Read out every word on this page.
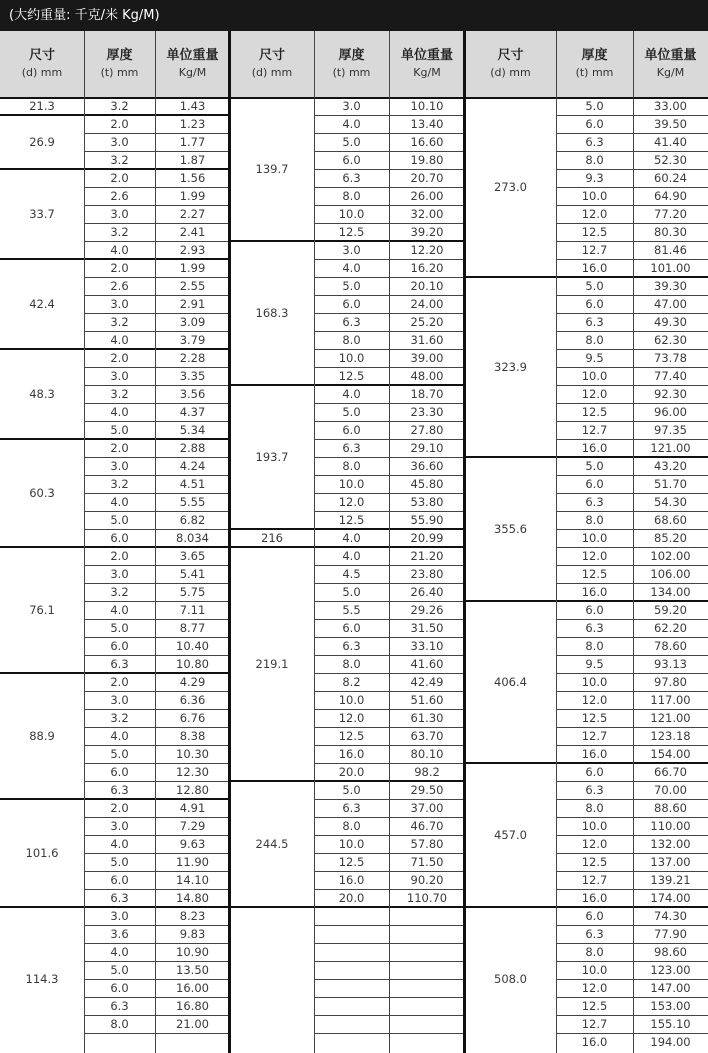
(大约重量: 千克/米 Kg/M)
尺寸
(d) mm
厚度
(t) mm
单位重量
Kg/M
21.3	3.2	1.43
26.9
2.0	1.23
3.0	1.77
3.2	1.87
33.7
2.0	1.56
2.6	1.99
3.0	2.27
3.2	2.41
4.0	2.93
42.4
2.0	1.99
2.6	2.55
3.0	2.91
3.2	3.09
4.0	3.79
48.3
2.0	2.28
3.0	3.35
3.2	3.56
4.0	4.37
5.0	5.34
60.3
2.0	2.88
3.0	4.24
3.2	4.51
4.0	5.55
5.0	6.82
6.0	8.034
76.1
2.0	3.65
3.0	5.41
3.2	5.75
4.0	7.11
5.0	8.77
6.0	10.40
6.3	10.80
88.9
2.0	4.29
3.0	6.36
3.2	6.76
4.0	8.38
5.0	10.30
6.0	12.30
6.3	12.80
101.6
2.0	4.91
3.0	7.29
4.0	9.63
5.0	11.90
6.0	14.10
6.3	14.80
114.3
3.0	8.23
3.6	9.83
4.0	10.90
5.0	13.50
6.0	16.00
6.3	16.80
8.0	21.00
尺寸
(d) mm
厚度
(t) mm
单位重量
Kg/M
139.7
3.0	10.10
4.0	13.40
5.0	16.60
6.0	19.80
6.3	20.70
8.0	26.00
10.0	32.00
12.5	39.20
168.3
3.0	12.20
4.0	16.20
5.0	20.10
6.0	24.00
6.3	25.20
8.0	31.60
10.0	39.00
12.5	48.00
193.7
4.0	18.70
5.0	23.30
6.0	27.80
6.3	29.10
8.0	36.60
10.0	45.80
12.0	53.80
12.5	55.90
216	4.0	20.99
219.1
4.0	21.20
4.5	23.80
5.0	26.40
5.5	29.26
6.0	31.50
6.3	33.10
8.0	41.60
8.2	42.49
10.0	51.60
12.0	61.30
12.5	63.70
16.0	80.10
20.0	98.2
244.5
5.0	29.50
6.3	37.00
8.0	46.70
10.0	57.80
12.5	71.50
16.0	90.20
20.0	110.70
尺寸
(d) mm
厚度
(t) mm
单位重量
Kg/M
273.0
5.0	33.00
6.0	39.50
6.3	41.40
8.0	52.30
9.3	60.24
10.0	64.90
12.0	77.20
12.5	80.30
12.7	81.46
16.0	101.00
323.9
5.0	39.30
6.0	47.00
6.3	49.30
8.0	62.30
9.5	73.78
10.0	77.40
12.0	92.30
12.5	96.00
12.7	97.35
16.0	121.00
355.6
5.0	43.20
6.0	51.70
6.3	54.30
8.0	68.60
10.0	85.20
12.0	102.00
12.5	106.00
16.0	134.00
406.4
6.0	59.20
6.3	62.20
8.0	78.60
9.5	93.13
10.0	97.80
12.0	117.00
12.5	121.00
12.7	123.18
16.0	154.00
457.0
6.0	66.70
6.3	70.00
8.0	88.60
10.0	110.00
12.0	132.00
12.5	137.00
12.7	139.21
16.0	174.00
508.0
6.0	74.30
6.3	77.90
8.0	98.60
10.0	123.00
12.0	147.00
12.5	153.00
12.7	155.10
16.0	194.00
